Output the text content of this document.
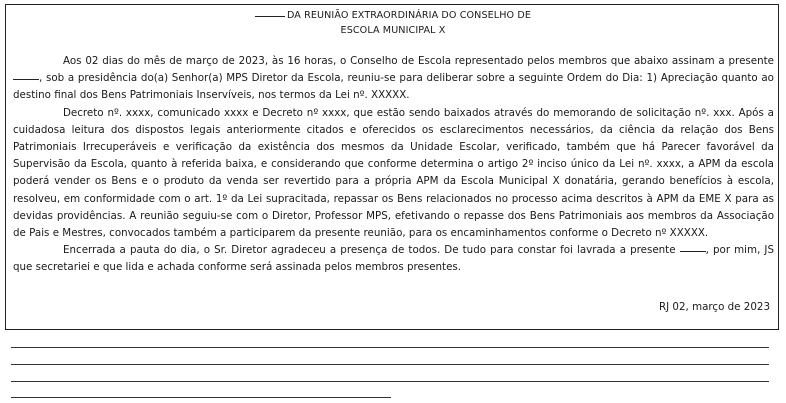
DA REUNIÃO EXTRAORDINÁRIA DO CONSELHO DE
ESCOLA MUNICIPAL X

Aos 02 dias do mês de março de 2023, às 16 horas, o Conselho de Escola representado pelos membros que abaixo assinam a presente , sob a presidência do(a) Senhor(a) MPS Diretor da Escola, reuniu-se para deliberar sobre a seguinte Ordem do Dia: 1) Apreciação quanto ao destino final dos Bens Patrimoniais Inservíveis, nos termos da Lei nº. XXXXX.

Decreto nº. xxxx, comunicado xxxx e Decreto nº xxxx, que estão sendo baixados através do memorando de solicitação nº. xxx. Após a cuidadosa leitura dos dispostos legais anteriormente citados e oferecidos os esclarecimentos necessários, da ciência da relação dos Bens Patrimoniais Irrecuperáveis e verificação da existência dos mesmos da Unidade Escolar, verificado, também que há Parecer favorável da Supervisão da Escola, quanto à referida baixa, e considerando que conforme determina o artigo 2º inciso único da Lei nº. xxxx, a APM da escola poderá vender os Bens e o produto da venda ser revertido para a própria APM da Escola Municipal X donatária, gerando benefícios à escola, resolveu, em conformidade com o art. 1º da Lei supracitada, repassar os Bens relacionados no processo acima descritos à APM da EME X para as devidas providências. A reunião seguiu-se com o Diretor, Professor MPS, efetivando o repasse dos Bens Patrimoniais aos membros da Associação de Pais e Mestres, convocados também a participarem da presente reunião, para os encaminhamentos conforme o Decreto nº XXXXX.

Encerrada a pauta do dia, o Sr. Diretor agradeceu a presença de todos. De tudo para constar foi lavrada a presente	, por mim, JS que secretariei e que lida e achada conforme será assinada pelos membros presentes.

RJ 02, março de 2023
